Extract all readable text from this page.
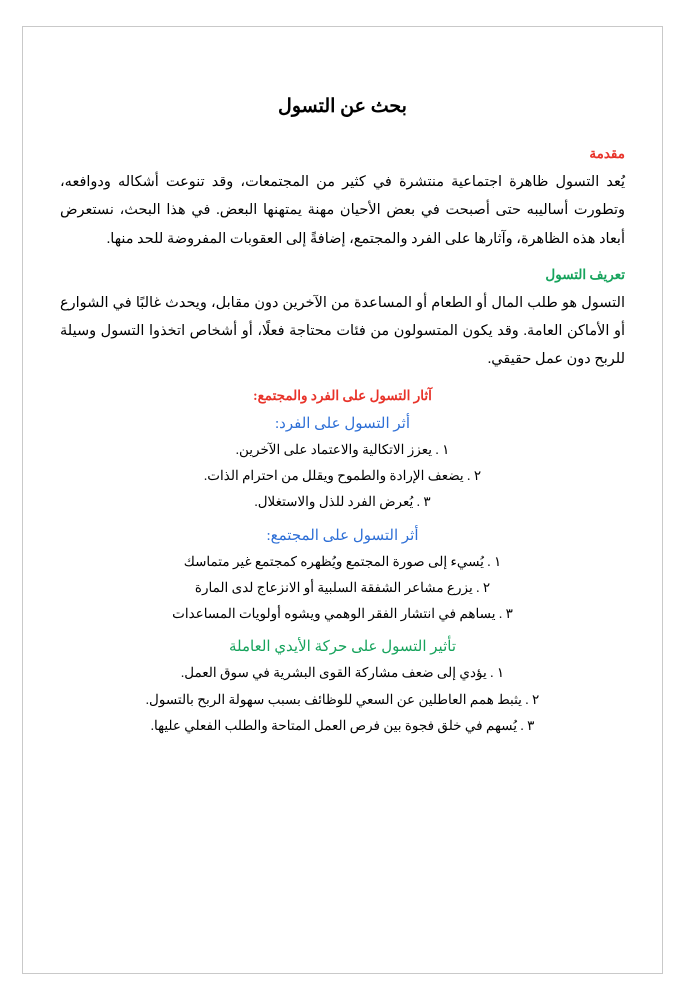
بحث عن التسول
مقدمة

يُعد التسول ظاهرة اجتماعية منتشرة في كثير من المجتمعات، وقد تنوعت أشكاله ودوافعه، وتطورت أساليبه حتى أصبحت في بعض الأحيان مهنة يمتهنها البعض. في هذا البحث، نستعرض أبعاد هذه الظاهرة، وآثارها على الفرد والمجتمع، إضافةً إلى العقوبات المفروضة للحد منها.

تعريف التسول

التسول هو طلب المال أو الطعام أو المساعدة من الآخرين دون مقابل، ويحدث غالبًا في الشوارع أو الأماكن العامة. وقد يكون المتسولون من فئات محتاجة فعلًا، أو أشخاص اتخذوا التسول وسيلة للربح دون عمل حقيقي.

آثار التسول على الفرد والمجتمع:
أثر التسول على الفرد:
١ . يعزز الاتكالية والاعتماد على الآخرين.
٢ . يضعف الإرادة والطموح ويقلل من احترام الذات.
٣ . يُعرض الفرد للذل والاستغلال.
أثر التسول على المجتمع:
١ . يُسيء إلى صورة المجتمع ويُظهره كمجتمع غير متماسك
٢ . يزرع مشاعر الشفقة السلبية أو الانزعاج لدى المارة
٣ . يساهم في انتشار الفقر الوهمي ويشوه أولويات المساعدات
تأثير التسول على حركة الأيدي العاملة
١ . يؤدي إلى ضعف مشاركة القوى البشرية في سوق العمل.
٢ . يثبط همم العاطلين عن السعي للوظائف بسبب سهولة الربح بالتسول.
٣ . يُسهم في خلق فجوة بين فرص العمل المتاحة والطلب الفعلي عليها.
